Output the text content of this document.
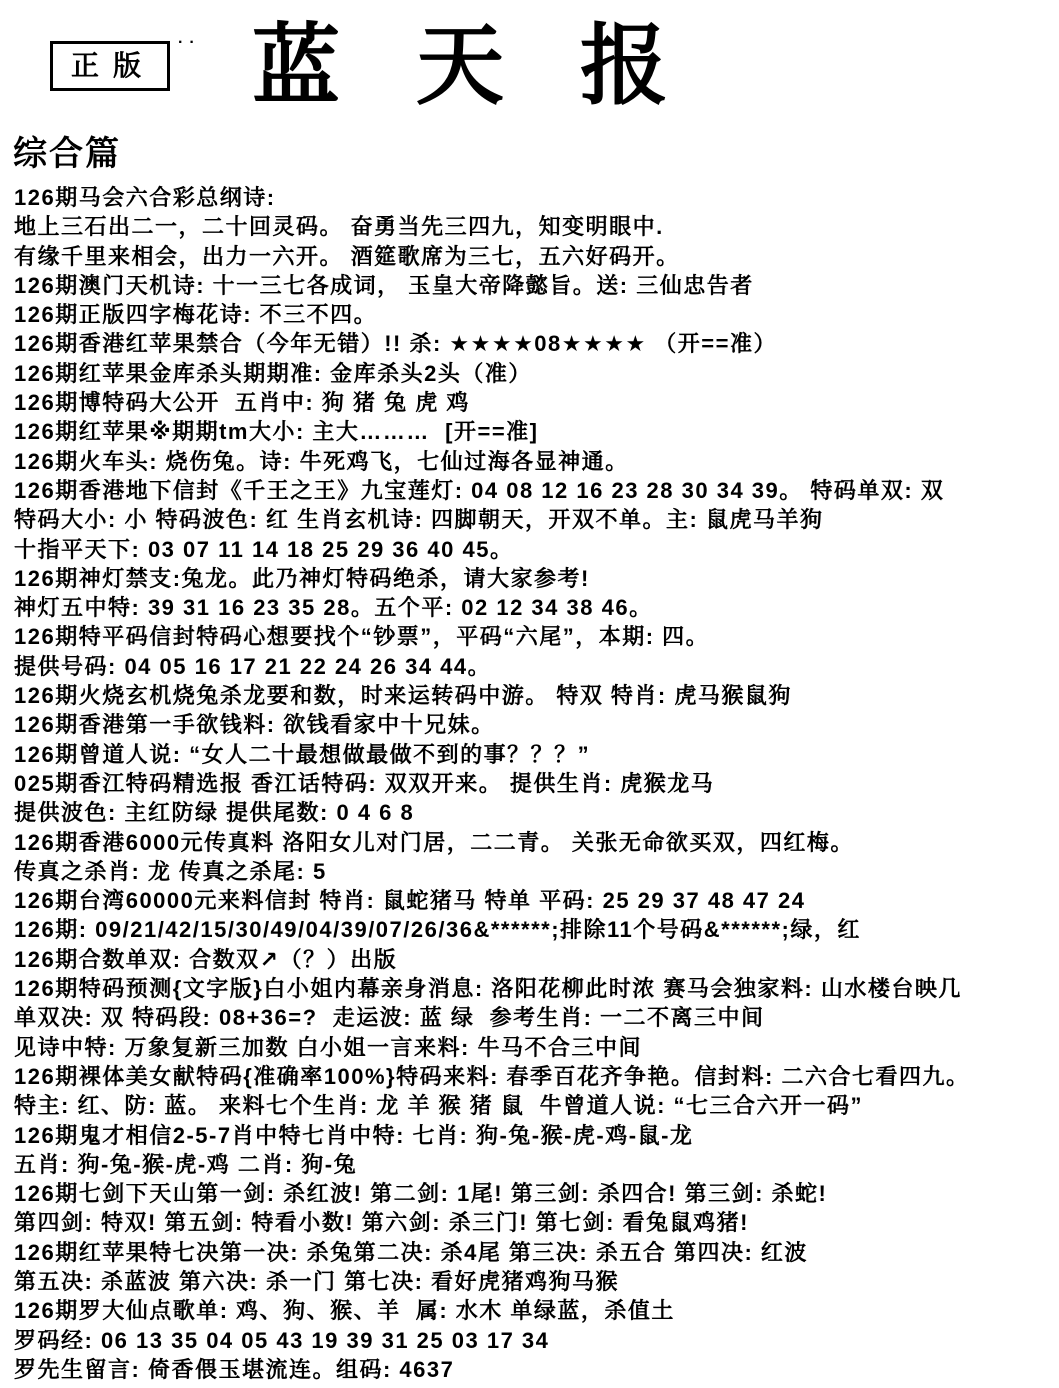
正版
·· 蓝天报
综合篇
126期马会六合彩总纲诗:
地上三石出二一，二十回灵码。 奋勇当先三四九，知变明眼中.
有缘千里来相会，出力一六开。 酒筵歌席为三七，五六好码开。
126期澳门天机诗: 十一三七各成词， 玉皇大帝降懿旨。送: 三仙忠告者
126期正版四字梅花诗: 不三不四。
126期香港红苹果禁合（今年无错）!! 杀: ★★★★08★★★★ （开==准）
126期红苹果金库杀头期期准: 金库杀头2头（准）
126期博特码大公开  五肖中: 狗 猪 兔 虎 鸡
126期红苹果※期期tm大小: 主大………  [开==准]
126期火车头: 烧伤兔。诗: 牛死鸡飞，七仙过海各显神通。
126期香港地下信封《千王之王》九宝莲灯: 04 08 12 16 23 28 30 34 39。 特码单双: 双
特码大小: 小 特码波色: 红 生肖玄机诗: 四脚朝天，开双不单。主: 鼠虎马羊狗
十指平天下: 03 07 11 14 18 25 29 36 40 45。
126期神灯禁支:兔龙。此乃神灯特码绝杀，请大家参考!
神灯五中特: 39 31 16 23 35 28。五个平: 02 12 34 38 46。
126期特平码信封特码心想要找个“钞票”，平码“六尾”，本期: 四。
提供号码: 04 05 16 17 21 22 24 26 34 44。
126期火烧玄机烧兔杀龙要和数，时来运转码中游。 特双 特肖: 虎马猴鼠狗
126期香港第一手欲钱料: 欲钱看家中十兄妹。
126期曾道人说: “女人二十最想做最做不到的事？？？”
025期香江特码精选报 香江话特码: 双双开来。 提供生肖: 虎猴龙马
提供波色: 主红防绿 提供尾数: 0 4 6 8
126期香港6000元传真料 洛阳女儿对门居，二二青。 关张无命欲买双，四红梅。
传真之杀肖: 龙 传真之杀尾: 5
126期台湾60000元来料信封 特肖: 鼠蛇猪马 特单 平码: 25 29 37 48 47 24
126期: 09/21/42/15/30/49/04/39/07/26/36&******;排除11个号码&******;绿，红
126期合数单双: 合数双↗（？）出版
126期特码预测{文字版}白小姐内幕亲身消息: 洛阳花柳此时浓 赛马会独家料: 山水楼台映几
单双决: 双 特码段: 08+36=?  走运波: 蓝 绿  参考生肖: 一二不离三中间
见诗中特: 万象复新三加数 白小姐一言来料: 牛马不合三中间
126期裸体美女献特码{准确率100%}特码来料: 春季百花齐争艳。信封料: 二六合七看四九。
特主: 红、防: 蓝。 来料七个生肖: 龙 羊 猴 猪 鼠  牛曾道人说: “七三合六开一码”
126期鬼才相信2-5-7肖中特七肖中特: 七肖: 狗-兔-猴-虎-鸡-鼠-龙
五肖: 狗-兔-猴-虎-鸡 二肖: 狗-兔
126期七剑下天山第一剑: 杀红波! 第二剑: 1尾! 第三剑: 杀四合! 第三剑: 杀蛇!
第四剑: 特双! 第五剑: 特看小数! 第六剑: 杀三门! 第七剑: 看兔鼠鸡猪!
126期红苹果特七决第一决: 杀兔第二决: 杀4尾 第三决: 杀五合 第四决: 红波
第五决: 杀蓝波 第六决: 杀一门 第七决: 看好虎猪鸡狗马猴
126期罗大仙点歌单: 鸡、狗、猴、羊  属: 水木 单绿蓝，杀值土
罗码经: 06 13 35 04 05 43 19 39 31 25 03 17 34
罗先生留言: 倚香偎玉堪流连。组码: 4637
